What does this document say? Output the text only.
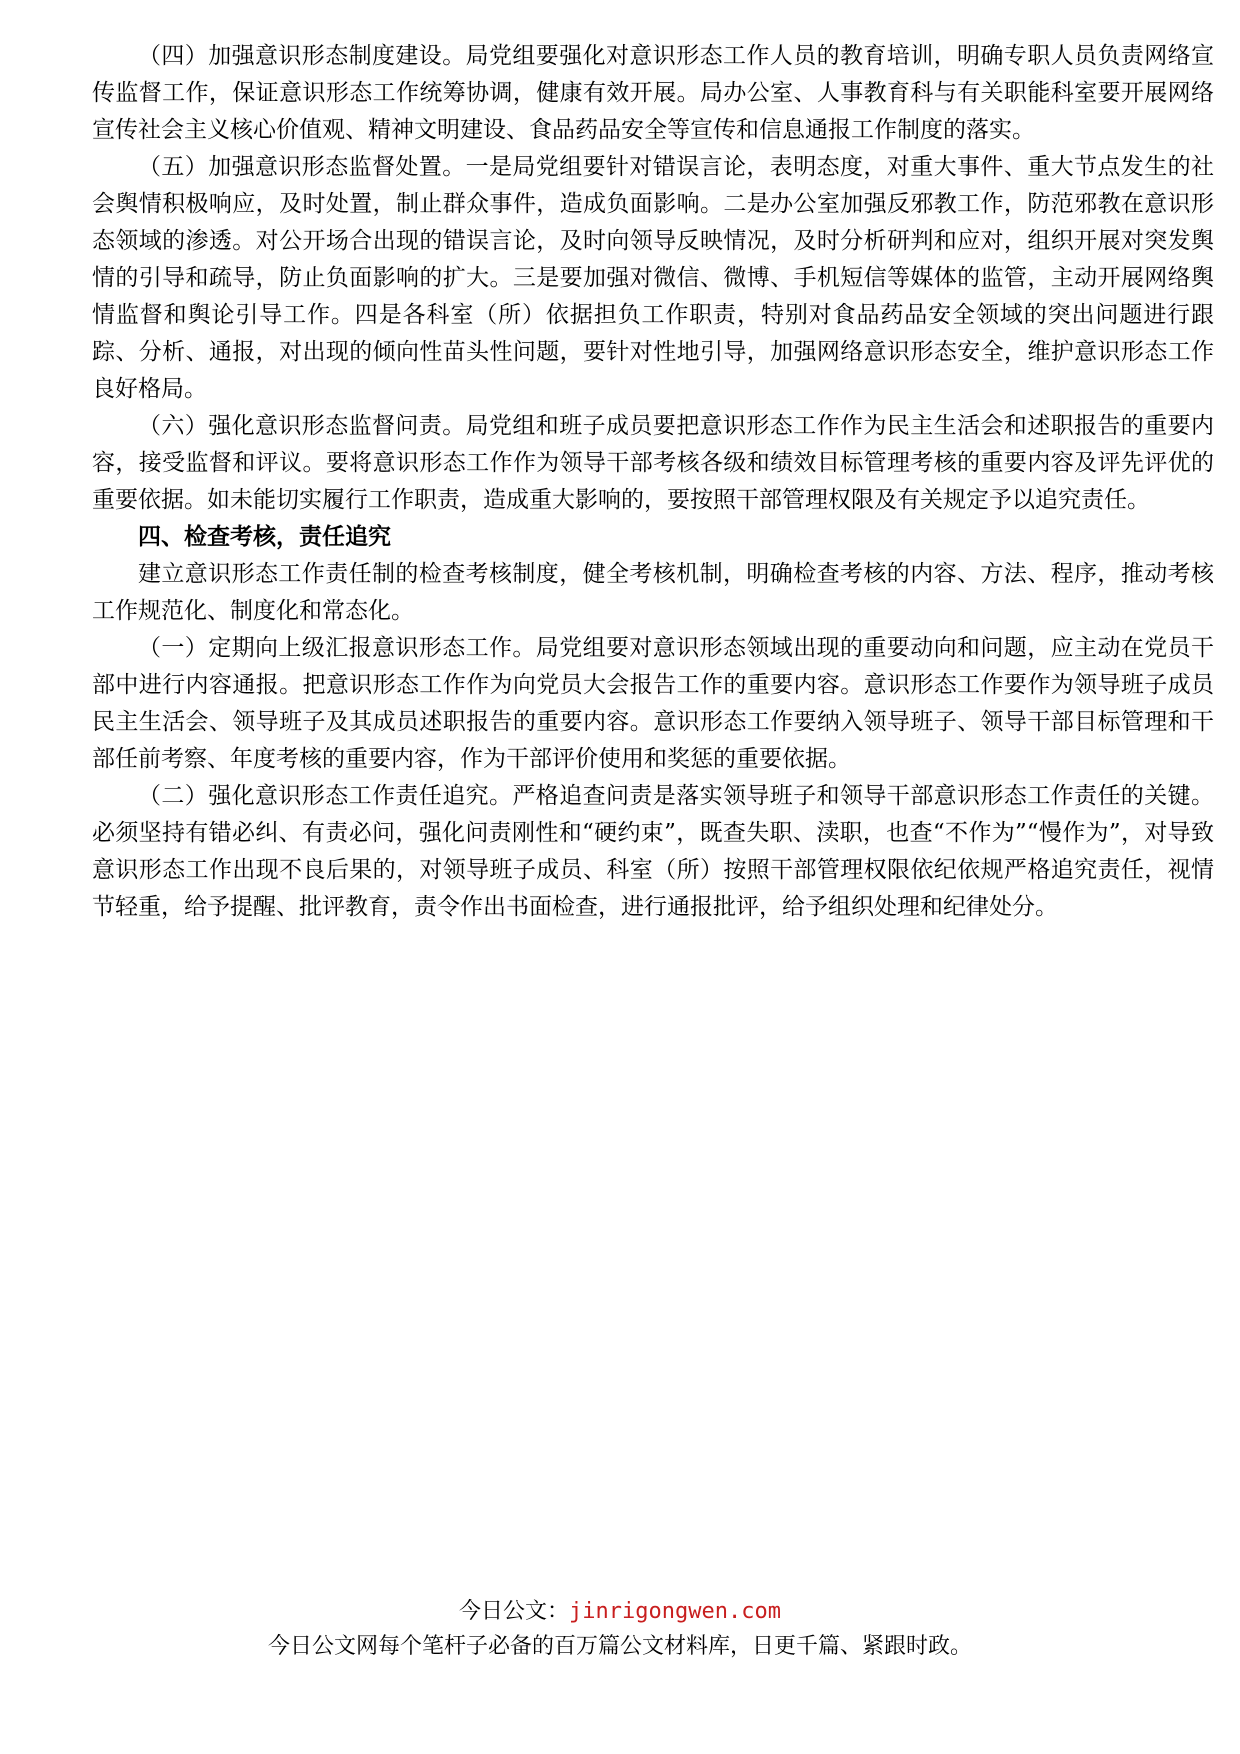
（四）加强意识形态制度建设。局党组要强化对意识形态工作人员的教育培训，明确专职人员负责网络宣传监督工作，保证意识形态工作统筹协调，健康有效开展。局办公室、人事教育科与有关职能科室要开展网络宣传社会主义核心价值观、精神文明建设、食品药品安全等宣传和信息通报工作制度的落实。

（五）加强意识形态监督处置。一是局党组要针对错误言论，表明态度，对重大事件、重大节点发生的社会舆情积极响应，及时处置，制止群众事件，造成负面影响。二是办公室加强反邪教工作，防范邪教在意识形态领域的渗透。对公开场合出现的错误言论，及时向领导反映情况，及时分析研判和应对，组织开展对突发舆情的引导和疏导，防止负面影响的扩大。三是要加强对微信、微博、手机短信等媒体的监管，主动开展网络舆情监督和舆论引导工作。四是各科室（所）依据担负工作职责，特别对食品药品安全领域的突出问题进行跟踪、分析、通报，对出现的倾向性苗头性问题，要针对性地引导，加强网络意识形态安全，维护意识形态工作良好格局。

（六）强化意识形态监督问责。局党组和班子成员要把意识形态工作作为民主生活会和述职报告的重要内容，接受监督和评议。要将意识形态工作作为领导干部考核各级和绩效目标管理考核的重要内容及评先评优的重要依据。如未能切实履行工作职责，造成重大影响的，要按照干部管理权限及有关规定予以追究责任。

四、检查考核，责任追究

建立意识形态工作责任制的检查考核制度，健全考核机制，明确检查考核的内容、方法、程序，推动考核工作规范化、制度化和常态化。

（一）定期向上级汇报意识形态工作。局党组要对意识形态领域出现的重要动向和问题，应主动在党员干部中进行内容通报。把意识形态工作作为向党员大会报告工作的重要内容。意识形态工作要作为领导班子成员民主生活会、领导班子及其成员述职报告的重要内容。意识形态工作要纳入领导班子、领导干部目标管理和干部任前考察、年度考核的重要内容，作为干部评价使用和奖惩的重要依据。

（二）强化意识形态工作责任追究。严格追查问责是落实领导班子和领导干部意识形态工作责任的关键。必须坚持有错必纠、有责必问，强化问责刚性和“硬约束”，既查失职、渎职，也查“不作为”“慢作为”，对导致意识形态工作出现不良后果的，对领导班子成员、科室（所）按照干部管理权限依纪依规严格追究责任，视情节轻重，给予提醒、批评教育，责令作出书面检查，进行通报批评，给予组织处理和纪律处分。

今日公文：jinrigongwen.com
今日公文网每个笔杆子必备的百万篇公文材料库，日更千篇、紧跟时政。
